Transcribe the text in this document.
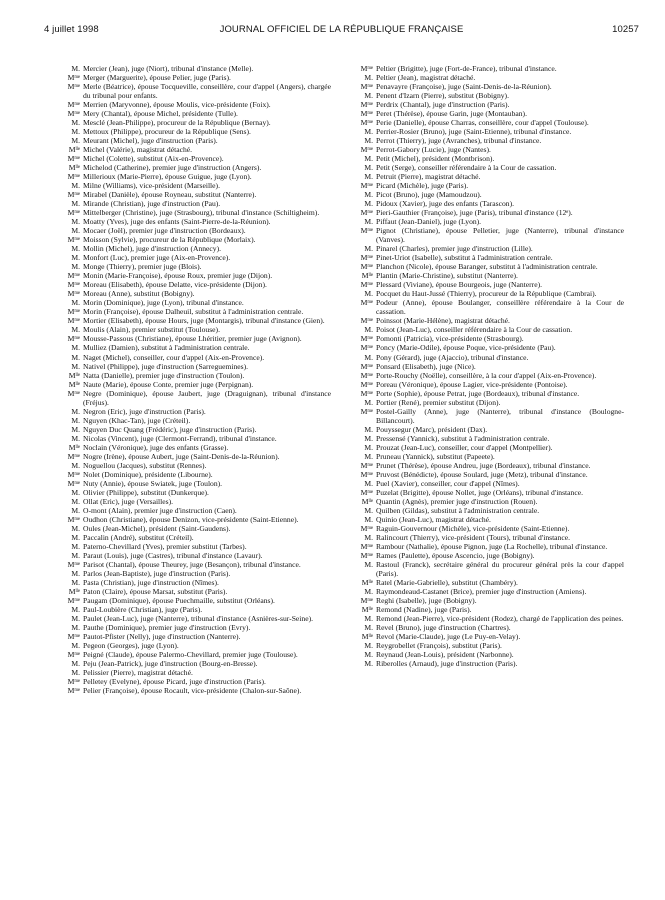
4 juillet 1998	JOURNAL OFFICIEL DE LA RÉPUBLIQUE FRANÇAISE	10257
M. Mercier (Jean), juge (Niort), tribunal d'instance (Melle).
Mᵐᵉ Merger (Marguerite), épouse Pelier, juge (Paris).
Mᵐᵉ Merle (Béatrice), épouse Tocqueville, conseillère, cour d'appel (Angers), chargée du tribunal pour enfants.
Mᵐᵉ Merrien (Maryvonne), épouse Moulis, vice-présidente (Foix).
Mᵐᵉ Mery (Chantal), épouse Michel, présidente (Tulle).
M. Mesclé (Jean-Philippe), procureur de la République (Bernay).
M. Mettoux (Philippe), procureur de la République (Sens).
M. Meurant (Michel), juge d'instruction (Paris).
Mˡˡᵉ Michel (Valérie), magistrat détaché.
Mᵐᵉ Michel (Colette), substitut (Aix-en-Provence).
Mˡˡᵉ Michelod (Catherine), premier juge d'instruction (Angers).
Mᵐᵉ Millerioux (Marie-Pierre), épouse Guigue, juge (Lyon).
M. Milne (Williams), vice-président (Marseille).
Mᵐᵉ Mirabel (Danièle), épouse Royneau, substitut (Nanterre).
M. Mirande (Christian), juge d'instruction (Pau).
Mᵐᵉ Mittelberger (Christine), juge (Strasbourg), tribunal d'instance (Schiltigheim).
M. Moatty (Yves), juge des enfants (Saint-Pierre-de-la-Réunion).
M. Mocaer (Joël), premier juge d'instruction (Bordeaux).
Mᵐᵉ Moisson (Sylvie), procureur de la République (Morlaix).
M. Mollin (Michel), juge d'instruction (Annecy).
M. Monfort (Luc), premier juge (Aix-en-Provence).
M. Monge (Thierry), premier juge (Blois).
Mᵐᵉ Monin (Marie-Françoise), épouse Roux, premier juge (Dijon).
Mᵐᵉ Moreau (Elisabeth), épouse Delatte, vice-présidente (Dijon).
Mᵐᵉ Moreau (Anne), substitut (Bobigny).
M. Morin (Dominique), juge (Lyon), tribunal d'instance.
Mᵐᵉ Morin (Françoise), épouse Dalheuil, substitut à l'administration centrale.
Mᵐᵉ Mortier (Elisabeth), épouse Hours, juge (Montargis), tribunal d'instance (Gien).
M. Moulis (Alain), premier substitut (Toulouse).
Mᵐᵉ Mousse-Passous (Christiane), épouse Lhéritier, premier juge (Avignon).
M. Mulliez (Damien), substitut à l'administration centrale.
M. Naget (Michel), conseiller, cour d'appel (Aix-en-Provence).
M. Nativel (Philippe), juge d'instruction (Sarreguemines).
Mˡˡᵉ Natta (Danielle), premier juge d'instruction (Toulon).
Mˡˡᵉ Naute (Marie), épouse Conte, premier juge (Perpignan).
Mᵐᵉ Negre (Dominique), épouse Jaubert, juge (Draguignan), tribunal d'instance (Fréjus).
M. Negron (Eric), juge d'instruction (Paris).
M. Nguyen (Khac-Tan), juge (Créteil).
M. Nguyen Duc Quang (Frédéric), juge d'instruction (Paris).
M. Nicolas (Vincent), juge (Clermont-Ferrand), tribunal d'instance.
Mˡˡᵉ Noclain (Véronique), juge des enfants (Grasse).
Mᵐᵉ Nogre (Irène), épouse Aubert, juge (Saint-Denis-de-la-Réunion).
M. Noguellou (Jacques), substitut (Rennes).
Mᵐᵉ Nolet (Dominique), présidente (Libourne).
Mᵐᵉ Nuty (Annie), épouse Swiatek, juge (Toulon).
M. Olivier (Philippe), substitut (Dunkerque).
M. Ollat (Eric), juge (Versailles).
M. O-mont (Alain), premier juge d'instruction (Caen).
Mᵐᵉ Oudhon (Christiane), épouse Denizon, vice-présidente (Saint-Etienne).
M. Oules (Jean-Michel), président (Saint-Gaudens).
M. Paccalin (André), substitut (Créteil).
M. Paterno-Chevillard (Yves), premier substitut (Tarbes).
M. Paraut (Louis), juge (Castres), tribunal d'instance (Lavaur).
Mᵐᵉ Parisot (Chantal), épouse Theurey, juge (Besançon), tribunal d'instance.
M. Parlos (Jean-Baptiste), juge d'instruction (Paris).
M. Pasta (Christian), juge d'instruction (Nîmes).
Mˡˡᵉ Paton (Claire), épouse Marsat, substitut (Paris).
Mᵐᵉ Paugam (Dominique), épouse Puechmaille, substitut (Orléans).
M. Paul-Loubière (Christian), juge (Paris).
M. Paulet (Jean-Luc), juge (Nanterre), tribunal d'instance (Asnières-sur-Seine).
M. Pauthe (Dominique), premier juge d'instruction (Evry).
Mᵐᵉ Pautot-Pfister (Nelly), juge d'instruction (Nanterre).
M. Pegeon (Georges), juge (Lyon).
Mᵐᵉ Peigné (Claude), épouse Palermo-Chevillard, premier juge (Toulouse).
M. Peju (Jean-Patrick), juge d'instruction (Bourg-en-Bresse).
M. Pelissier (Pierre), magistrat détaché.
Mᵐᵉ Pelletey (Evelyne), épouse Picard, juge d'instruction (Paris).
Mᵐᵉ Pelier (Françoise), épouse Rocault, vice-présidente (Chalon-sur-Saône).
Mᵐᵉ Peltier (Brigitte), juge (Fort-de-France), tribunal d'instance.
M. Peltier (Jean), magistrat détaché.
Mᵐᵉ Penavayre (Françoise), juge (Saint-Denis-de-la-Réunion).
M. Penent d'Izarn (Pierre), substitut (Bobigny).
Mᵐᵉ Perdrix (Chantal), juge d'instruction (Paris).
Mᵐᵉ Peret (Thérèse), épouse Garin, juge (Montauban).
Mᵐᵉ Perie (Danielle), épouse Charras, conseillère, cour d'appel (Toulouse).
M. Perrier-Rosier (Bruno), juge (Saint-Etienne), tribunal d'instance.
M. Perrot (Thierry), juge (Avranches), tribunal d'instance.
Mᵐᵉ Perrot-Gabory (Lucie), juge (Nantes).
M. Petit (Michel), président (Montbrison).
M. Petit (Serge), conseiller référendaire à la Cour de cassation.
M. Petruit (Pierre), magistrat détaché.
Mᵐᵉ Picard (Michèle), juge (Paris).
M. Picot (Bruno), juge (Mamoudzou).
M. Pidoux (Xavier), juge des enfants (Tarascon).
Mᵐᵉ Pieri-Gauthier (Françoise), juge (Paris), tribunal d'instance (12ᵉ).
M. Piffaut (Jean-Daniel), juge (Lyon).
Mᵐᵉ Pignot (Christiane), épouse Pelletier, juge (Nanterre), tribunal d'instance (Vanves).
M. Pinarel (Charles), premier juge d'instruction (Lille).
Mᵐᵉ Pinet-Uriot (Isabelle), substitut à l'administration centrale.
Mᵐᵉ Planchon (Nicole), épouse Baranger, substitut à l'administration centrale.
Mˡˡᵉ Plantin (Marie-Christine), substitut (Nanterre).
Mᵐᵉ Plessard (Viviane), épouse Bourgeois, juge (Nanterre).
M. Pocquet du Haut-Jussé (Thierry), procureur de la République (Cambrai).
Mᵐᵉ Podeur (Anne), épouse Boulanger, conseillère référendaire à la Cour de cassation.
Mᵐᵉ Poinssot (Marie-Hélène), magistrat détaché.
M. Poisot (Jean-Luc), conseiller référendaire à la Cour de cassation.
Mᵐᵉ Pomonti (Patricia), vice-présidente (Strasbourg).
Mᵐᵉ Poncy (Marie-Odile), épouse Poque, vice-présidente (Pau).
M. Pony (Gérard), juge (Ajaccio), tribunal d'instance.
Mᵐᵉ Ponsard (Elisabeth), juge (Nice).
Mᵐᵉ Porte-Rouchy (Noëlle), conseillère, à la cour d'appel (Aix-en-Provence).
Mᵐᵉ Poreau (Véronique), épouse Lagier, vice-présidente (Pontoise).
Mᵐᵉ Porte (Sophie), épouse Petrat, juge (Bordeaux), tribunal d'instance.
M. Portier (René), premier substitut (Dijon).
Mᵐᵉ Postel-Gailly (Anne), juge (Nanterre), tribunal d'instance (Boulogne-Billancourt).
M. Pouyssegur (Marc), président (Dax).
M. Pressensé (Yannick), substitut à l'administration centrale.
M. Prouzat (Jean-Luc), conseiller, cour d'appel (Montpellier).
M. Pruneau (Yannick), substitut (Papeete).
Mᵐᵉ Prunet (Thérèse), épouse Andreu, juge (Bordeaux), tribunal d'instance.
Mᵐᵉ Pruvost (Bénédicte), épouse Soulard, juge (Metz), tribunal d'instance.
M. Puel (Xavier), conseiller, cour d'appel (Nîmes).
Mᵐᵉ Puzelat (Brigitte), épouse Nollet, juge (Orléans), tribunal d'instance.
Mˡˡᵉ Quantin (Agnès), premier juge d'instruction (Rouen).
M. Quilben (Gildas), substitut à l'administration centrale.
M. Quinio (Jean-Luc), magistrat détaché.
Mᵐᵉ Raguin-Gouvernour (Michèle), vice-présidente (Saint-Etienne).
M. Ralincourt (Thierry), vice-président (Tours), tribunal d'instance.
Mᵐᵉ Rambour (Nathalie), épouse Pignon, juge (La Rochelle), tribunal d'instance.
Mᵐᵉ Rames (Paulette), épouse Ascencio, juge (Bobigny).
M. Rastoul (Franck), secrétaire général du procureur général près la cour d'appel (Paris).
Mˡˡᵉ Ratel (Marie-Gabrielle), substitut (Chambéry).
M. Raymondeaud-Castanet (Brice), premier juge d'instruction (Amiens).
Mᵐᵉ Reghi (Isabelle), juge (Bobigny).
Mˡˡᵉ Remond (Nadine), juge (Paris).
M. Remond (Jean-Pierre), vice-président (Rodez), chargé de l'application des peines.
M. Revel (Bruno), juge d'instruction (Chartres).
Mˡˡᵉ Revol (Marie-Claude), juge (Le Puy-en-Velay).
M. Reygrobellet (François), substitut (Paris).
M. Reynaud (Jean-Louis), président (Narbonne).
M. Riberolles (Arnaud), juge d'instruction (Paris).
